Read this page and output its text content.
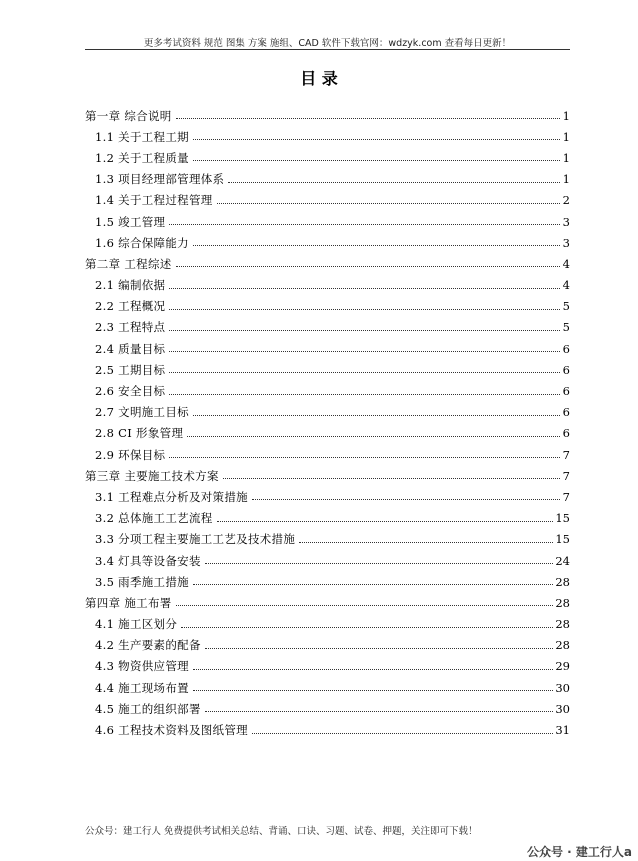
更多考试资料 规范 图集 方案 施组、CAD 软件下载官网：wdzyk.com 查看每日更新！
目 录
第一章 综合说明	1
1.1 关于工程工期	1
1.2 关于工程质量	1
1.3 项目经理部管理体系	1
1.4 关于工程过程管理	2
1.5 竣工管理	3
1.6 综合保障能力	3
第二章 工程综述	4
2.1 编制依据	4
2.2 工程概况	5
2.3 工程特点	5
2.4 质量目标	6
2.5 工期目标	6
2.6 安全目标	6
2.7 文明施工目标	6
2.8 CI 形象管理	6
2.9 环保目标	7
第三章 主要施工技术方案	7
3.1 工程难点分析及对策措施	7
3.2 总体施工工艺流程	15
3.3 分项工程主要施工工艺及技术措施	15
3.4 灯具等设备安装	24
3.5 雨季施工措施	28
第四章 施工布署	28
4.1 施工区划分	28
4.2 生产要素的配备	28
4.3 物资供应管理	29
4.4 施工现场布置	30
4.5 施工的组织部署	30
4.6 工程技术资料及图纸管理	31
公众号：建工行人 免费提供考试相关总结、背诵、口诀、习题、试卷、押题，关注即可下载！
公众号 · 建工行人a
